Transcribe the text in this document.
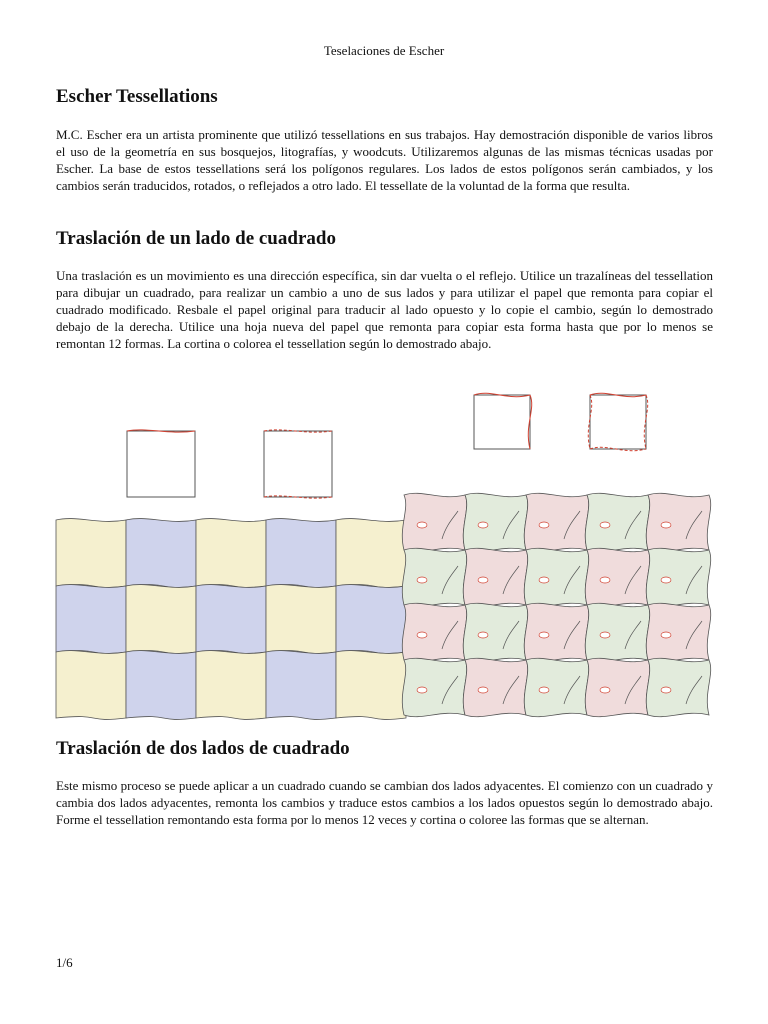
Teselaciones de Escher
Escher Tessellations

M.C. Escher era un artista prominente que utilizó tessellations en sus trabajos. Hay demostración disponible de varios libros el uso de la geometría en sus bosquejos, litografías, y woodcuts. Utilizaremos algunas de las mismas técnicas usadas por Escher. La base de estos tessellations será los polígonos regulares. Los lados de estos polígonos serán cambiados, y los cambios serán traducidos, rotados, o reflejados a otro lado. El tessellate de la voluntad de la forma que resulta.

Traslación de un lado de cuadrado

Una traslación es un movimiento es una dirección específica, sin dar vuelta o el reflejo. Utilice un trazalíneas del tessellation para dibujar un cuadrado, para realizar un cambio a uno de sus lados y para utilizar el papel que remonta para copiar el cuadrado modificado. Resbale el papel original para traducir al lado opuesto y lo copie el cambio, según lo demostrado debajo de la derecha. Utilice una hoja nueva del papel que remonta para copiar esta forma hasta que por lo menos se remontan 12 formas. La cortina o colorea el tessellation según lo demostrado abajo.

Traslación de dos lados de cuadrado

Este mismo proceso se puede aplicar a un cuadrado cuando se cambian dos lados adyacentes. El comienzo con un cuadrado y cambia dos lados adyacentes, remonta los cambios y traduce estos cambios a los lados opuestos según lo demostrado abajo. Forme el tessellation remontando esta forma por lo menos 12 veces y cortina o coloree las formas que se alternan.

1/6
